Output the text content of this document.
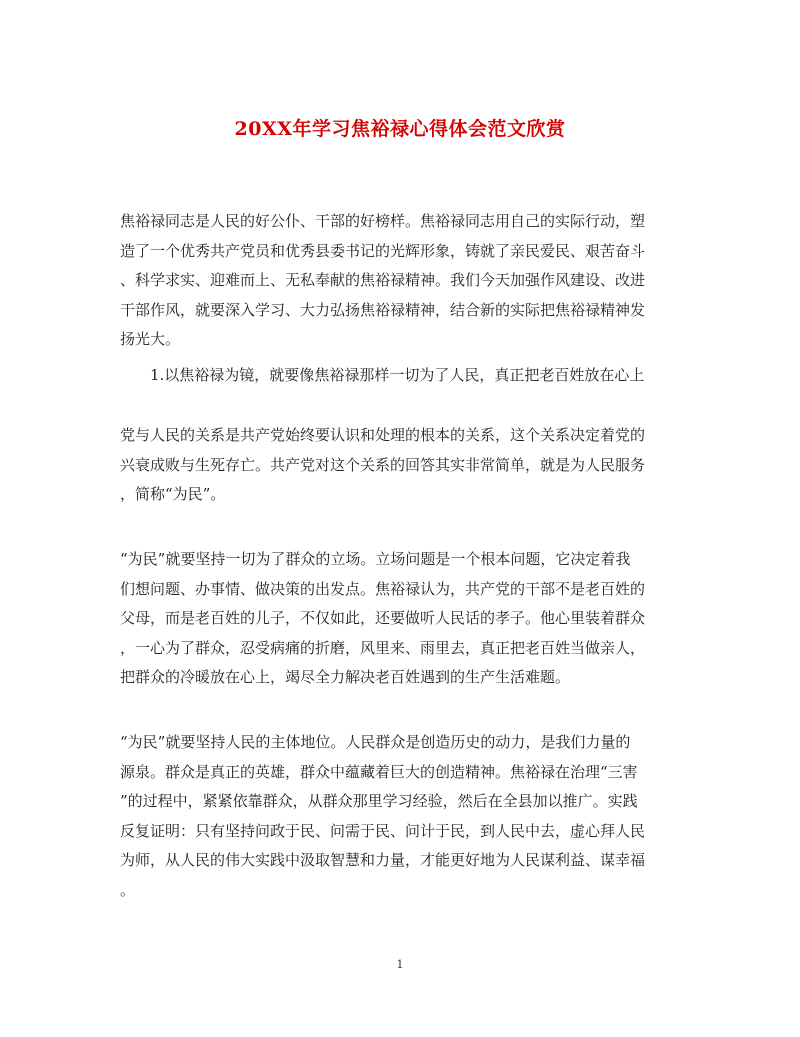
20XX年学习焦裕禄心得体会范文欣赏
焦裕禄同志是人民的好公仆、干部的好榜样。焦裕禄同志用自己的实际行动，塑
造了一个优秀共产党员和优秀县委书记的光辉形象，铸就了亲民爱民、艰苦奋斗
、科学求实、迎难而上、无私奉献的焦裕禄精神。我们今天加强作风建设、改进
干部作风，就要深入学习、大力弘扬焦裕禄精神，结合新的实际把焦裕禄精神发
扬光大。
1.以焦裕禄为镜，就要像焦裕禄那样一切为了人民，真正把老百姓放在心上
党与人民的关系是共产党始终要认识和处理的根本的关系，这个关系决定着党的
兴衰成败与生死存亡。共产党对这个关系的回答其实非常简单，就是为人民服务
，简称“为民”。
“为民”就要坚持一切为了群众的立场。立场问题是一个根本问题，它决定着我
们想问题、办事情、做决策的出发点。焦裕禄认为，共产党的干部不是老百姓的
父母，而是老百姓的儿子，不仅如此，还要做听人民话的孝子。他心里装着群众
，一心为了群众，忍受病痛的折磨，风里来、雨里去，真正把老百姓当做亲人，
把群众的冷暖放在心上，竭尽全力解决老百姓遇到的生产生活难题。
“为民”就要坚持人民的主体地位。人民群众是创造历史的动力，是我们力量的
源泉。群众是真正的英雄，群众中蕴藏着巨大的创造精神。焦裕禄在治理“三害
”的过程中，紧紧依靠群众，从群众那里学习经验，然后在全县加以推广。实践
反复证明：只有坚持问政于民、问需于民、问计于民，到人民中去，虚心拜人民
为师，从人民的伟大实践中汲取智慧和力量，才能更好地为人民谋利益、谋幸福
。
1
